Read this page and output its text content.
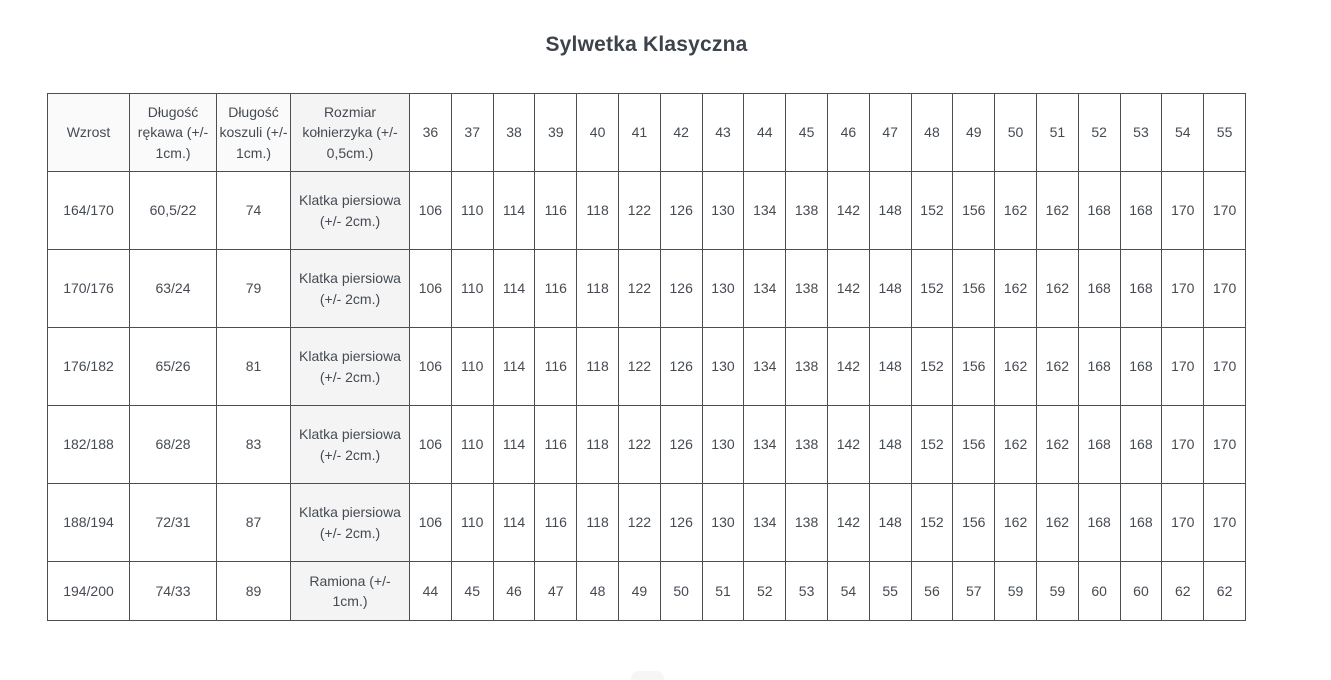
Sylwetka Klasyczna
Wzrost	Długość rękawa (+/- 1cm.)	Długość koszuli (+/- 1cm.)	Rozmiar kołnierzyka (+/- 0,5cm.)	36	37	38	39	40	41	42	43	44	45	46	47	48	49	50	51	52	53	54	55
164/170	60,5/22	74	Klatka piersiowa (+/- 2cm.)	106	110	114	116	118	122	126	130	134	138	142	148	152	156	162	162	168	168	170	170
170/176	63/24	79	Klatka piersiowa (+/- 2cm.)	106	110	114	116	118	122	126	130	134	138	142	148	152	156	162	162	168	168	170	170
176/182	65/26	81	Klatka piersiowa (+/- 2cm.)	106	110	114	116	118	122	126	130	134	138	142	148	152	156	162	162	168	168	170	170
182/188	68/28	83	Klatka piersiowa (+/- 2cm.)	106	110	114	116	118	122	126	130	134	138	142	148	152	156	162	162	168	168	170	170
188/194	72/31	87	Klatka piersiowa (+/- 2cm.)	106	110	114	116	118	122	126	130	134	138	142	148	152	156	162	162	168	168	170	170
194/200	74/33	89	Ramiona (+/- 1cm.)	44	45	46	47	48	49	50	51	52	53	54	55	56	57	59	59	60	60	62	62
